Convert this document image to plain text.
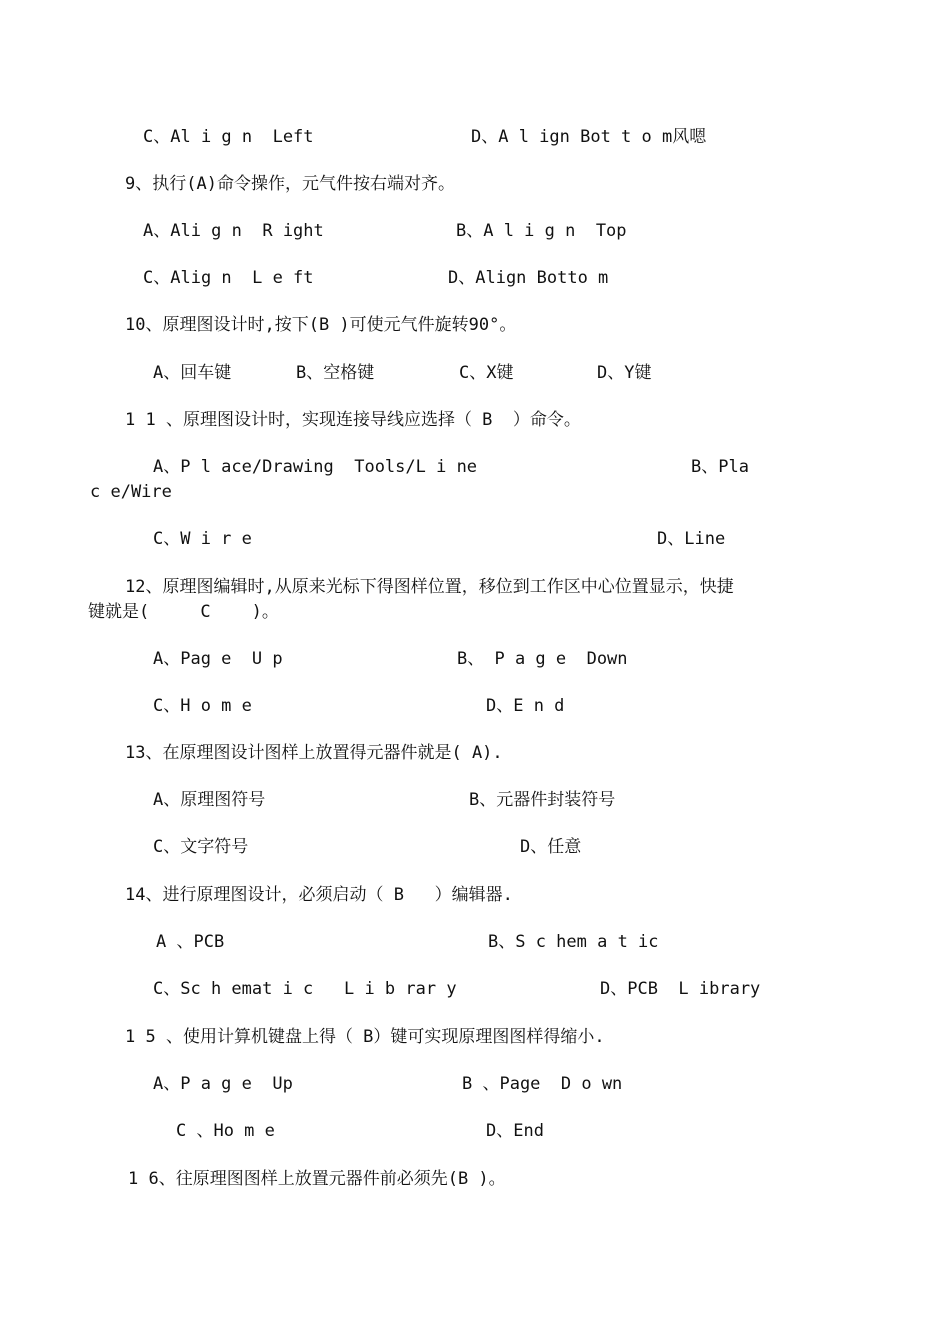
C、Al i g n  Left	D、A l ign Bot t o m风嗯

9、执行(A)命令操作，元气件按右端对齐。

A、Ali g n  R ight	B、A l i g n  Top

C、Alig n  L e ft	D、Align Botto m

10、原理图设计时,按下(B )可使元气件旋转90°。

A、回车键	B、空格键	C、X键	D、Y键

1 1 、原理图设计时，实现连接导线应选择（ B  ）命令。

A、P l ace/Drawing  Tools/L i ne	B、Pla

c e/Wire

C、W i r e	D、Line

12、原理图编辑时,从原来光标下得图样位置，移位到工作区中心位置显示，快捷

键就是(     C    )。

A、Pag e  U p	B、 P a g e  Down

C、H o m e	D、E n d

13、在原理图设计图样上放置得元器件就是( A).

A、原理图符号	B、元器件封装符号

C、文字符号	D、任意

14、进行原理图设计，必须启动（ B   ）编辑器.

A 、PCB	B、S c hem a t ic

C、Sc h emat i c   L i b rar y	D、PCB  L ibrary

1 5 、使用计算机键盘上得（ B）键可实现原理图图样得缩小.

A、P a g e  Up	B 、Page  D o wn

C 、Ho m e	D、End

1 6、往原理图图样上放置元器件前必须先(B )。
